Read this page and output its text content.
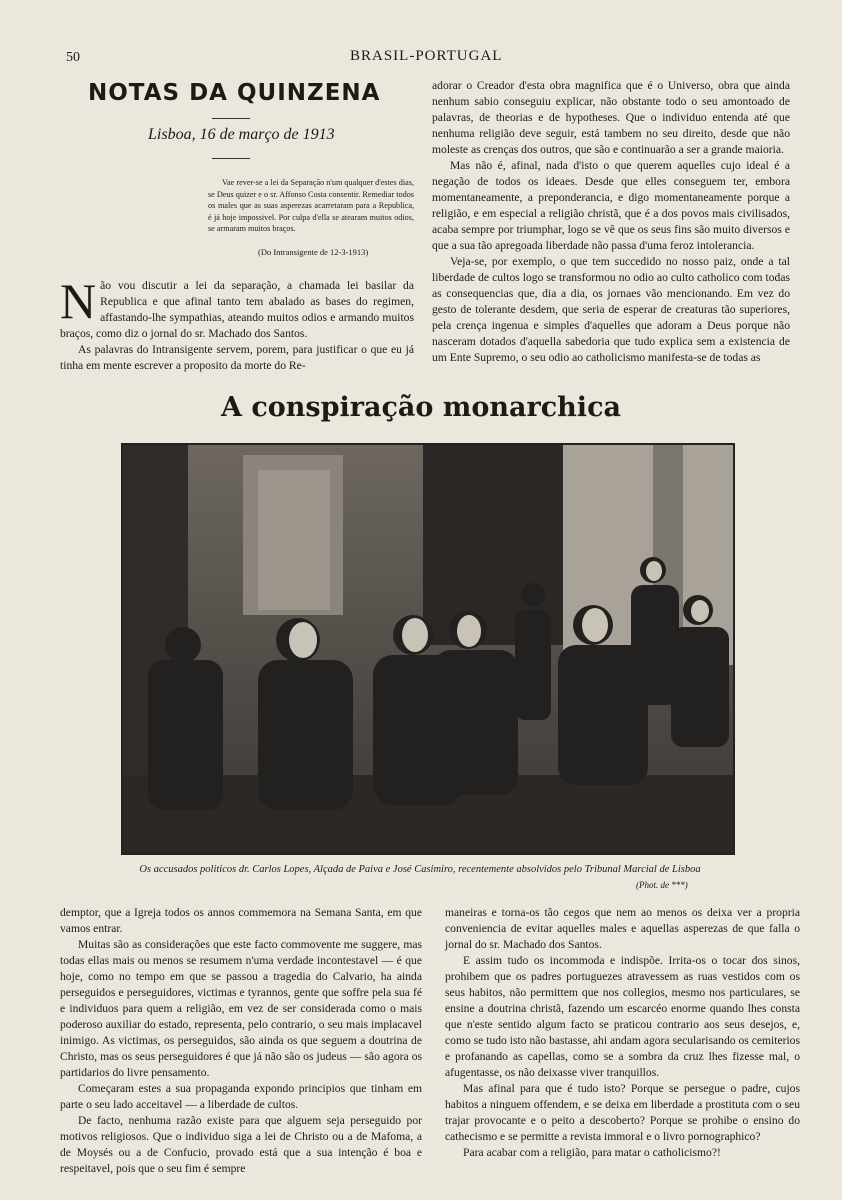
50	BRASIL-PORTUGAL
NOTAS DA QUINZENA
Lisboa, 16 de março de 1913
Vae rever-se a lei da Separação n'um qualquer d'estes dias, se Deus quizer e o sr. Affonso Costa consentir. Remediar todos os males que as suas asperezas acarretaram para a Republica, é já hoje impossivel. Por culpa d'ella se atearam muitos odios, se armaram muitos braços.
(Do Intransigente de 12-3-1913)

Não vou discutir a lei da separação, a chamada lei basilar da Republica e que afinal tanto tem abalado as bases do regimen, affastando-lhe sympathias, ateando muitos odios e armando muitos braços, como diz o jornal do sr. Machado dos Santos.

As palavras do Intransigente servem, porem, para justificar o que eu já tinha em mente escrever a proposito da morte do Re-

adorar o Creador d'esta obra magnifica que é o Universo, obra que ainda nenhum sabio conseguiu explicar, não obstante todo o seu amontoado de palavras, de theorias e de hypotheses. Que o individuo entenda até que nenhuma religião deve seguir, está tambem no seu direito, desde que não moleste as crenças dos outros, que são e continuarão a ser a grande maioria.

Mas não é, afinal, nada d'isto o que querem aquelles cujo ideal é a negação de todos os ideaes. Desde que elles conseguem ter, embora momentaneamente, a preponderancia, e digo momentaneamente porque a religião, e em especial a religião christã, que é a dos povos mais civilisados, acaba sempre por triumphar, logo se vê que os seus fins são muito diversos e que a sua tão apregoada liberdade não passa d'uma feroz intolerancia.

Veja-se, por exemplo, o que tem succedido no nosso paiz, onde a tal liberdade de cultos logo se transformou no odio ao culto catholico com todas as consequencias que, dia a dia, os jornaes vão mencionando. Em vez do gesto de tolerante desdem, que seria de esperar de creaturas tão superiores, pela crença ingenua e simples d'aquelles que adoram a Deus porque não nasceram dotados d'aquella sabedoria que tudo explica sem a existencia de um Ente Supremo, o seu odio ao catholicismo manifesta-se de todas as

A conspiração monarchica
Os accusados politicos dr. Carlos Lopes, Alçada de Paiva e José Casimiro, recentemente absolvidos pelo Tribunal Marcial de Lisboa
(Phot. de ***)

demptor, que a Igreja todos os annos commemora na Semana Santa, em que vamos entrar.

Muitas são as considerações que este facto commovente me suggere, mas todas ellas mais ou menos se resumem n'uma verdade incontestavel — é que hoje, como no tempo em que se passou a tragedia do Calvario, ha ainda perseguidos e perseguidores, victimas e tyrannos, gente que soffre pela sua fé e individuos para quem a religião, em vez de ser considerada como o mais poderoso auxiliar do estado, representa, pelo contrario, o seu mais implacavel inimigo. As victimas, os perseguidos, são ainda os que seguem a doutrina de Christo, mas os seus perseguidores é que já não são os judeus — são agora os partidarios do livre pensamento.

Começaram estes a sua propaganda expondo principios que tinham em parte o seu lado acceitavel — a liberdade de cultos.

De facto, nenhuma razão existe para que alguem seja perseguido por motivos religiosos. Que o individuo siga a lei de Christo ou a de Mafoma, a de Moysés ou a de Confucio, provado está que a sua intenção é boa e respeitavel, pois que o seu fim é sempre

maneiras e torna-os tão cegos que nem ao menos os deixa ver a propria conveniencia de evitar aquelles males e aquellas asperezas de que falla o jornal do sr. Machado dos Santos.

E assim tudo os incommoda e indispõe. Irrita-os o tocar dos sinos, prohibem que os padres portuguezes atravessem as ruas vestidos com os seus habitos, não permittem que nos collegios, mesmo nos particulares, se ensine a doutrina christã, fazendo um escarcéo enorme quando lhes consta que n'este sentido algum facto se praticou contrario aos seus desejos, e, como se tudo isto não bastasse, ahi andam agora secularisando os cemiterios e profanando as capellas, como se a sombra da cruz lhes fizesse mal, o afugentasse, os não deixasse viver tranquillos.

Mas afinal para que é tudo isto? Porque se persegue o padre, cujos habitos a ninguem offendem, e se deixa em liberdade a prostituta com o seu trajar provocante e o peito a descoberto? Porque se prohibe o ensino do cathecismo e se permitte a revista immoral e o livro pornographico?

Para acabar com a religião, para matar o catholicismo?!
